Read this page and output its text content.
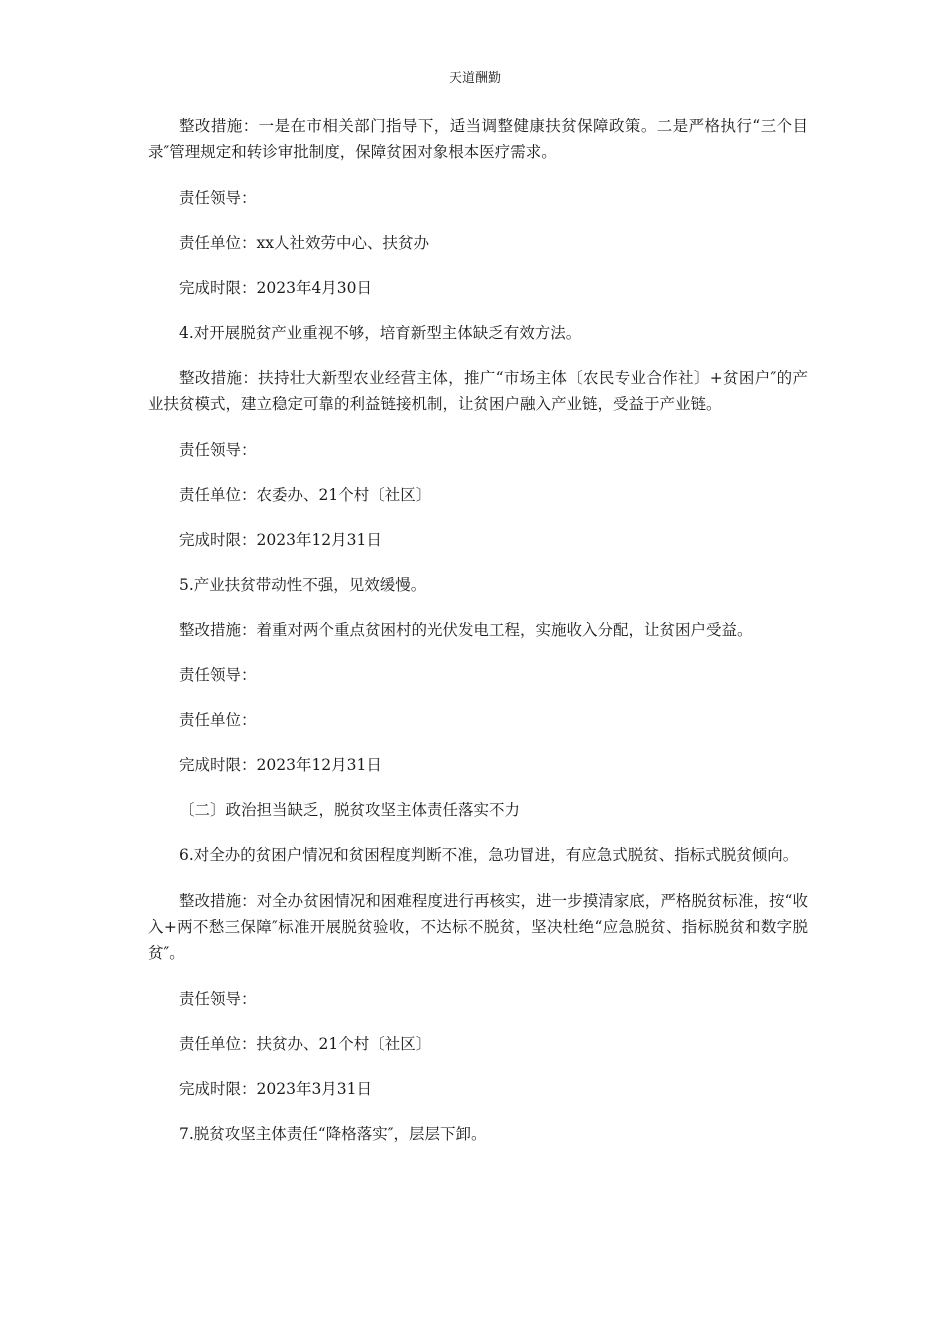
天道酬勤

整改措施：一是在市相关部门指导下，适当调整健康扶贫保障政策。二是严格执行“三个目录″管理规定和转诊审批制度，保障贫困对象根本医疗需求。

责任领导：

责任单位：xx人社效劳中心、扶贫办

完成时限：2023年4月30日

4.对开展脱贫产业重视不够，培育新型主体缺乏有效方法。

整改措施：扶持壮大新型农业经营主体，推广“市场主体〔农民专业合作社〕+贫困户″的产业扶贫模式，建立稳定可靠的利益链接机制，让贫困户融入产业链，受益于产业链。

责任领导：

责任单位：农委办、21个村〔社区〕

完成时限：2023年12月31日

5.产业扶贫带动性不强，见效缓慢。

整改措施：着重对两个重点贫困村的光伏发电工程，实施收入分配，让贫困户受益。

责任领导：

责任单位：

完成时限：2023年12月31日

〔二〕政治担当缺乏，脱贫攻坚主体责任落实不力

6.对全办的贫困户情况和贫困程度判断不准，急功冒进，有应急式脱贫、指标式脱贫倾向。

整改措施：对全办贫困情况和困难程度进行再核实，进一步摸清家底，严格脱贫标准，按“收入+两不愁三保障″标准开展脱贫验收，不达标不脱贫，坚决杜绝“应急脱贫、指标脱贫和数字脱贫″。

责任领导：

责任单位：扶贫办、21个村〔社区〕

完成时限：2023年3月31日

7.脱贫攻坚主体责任“降格落实″，层层下卸。
